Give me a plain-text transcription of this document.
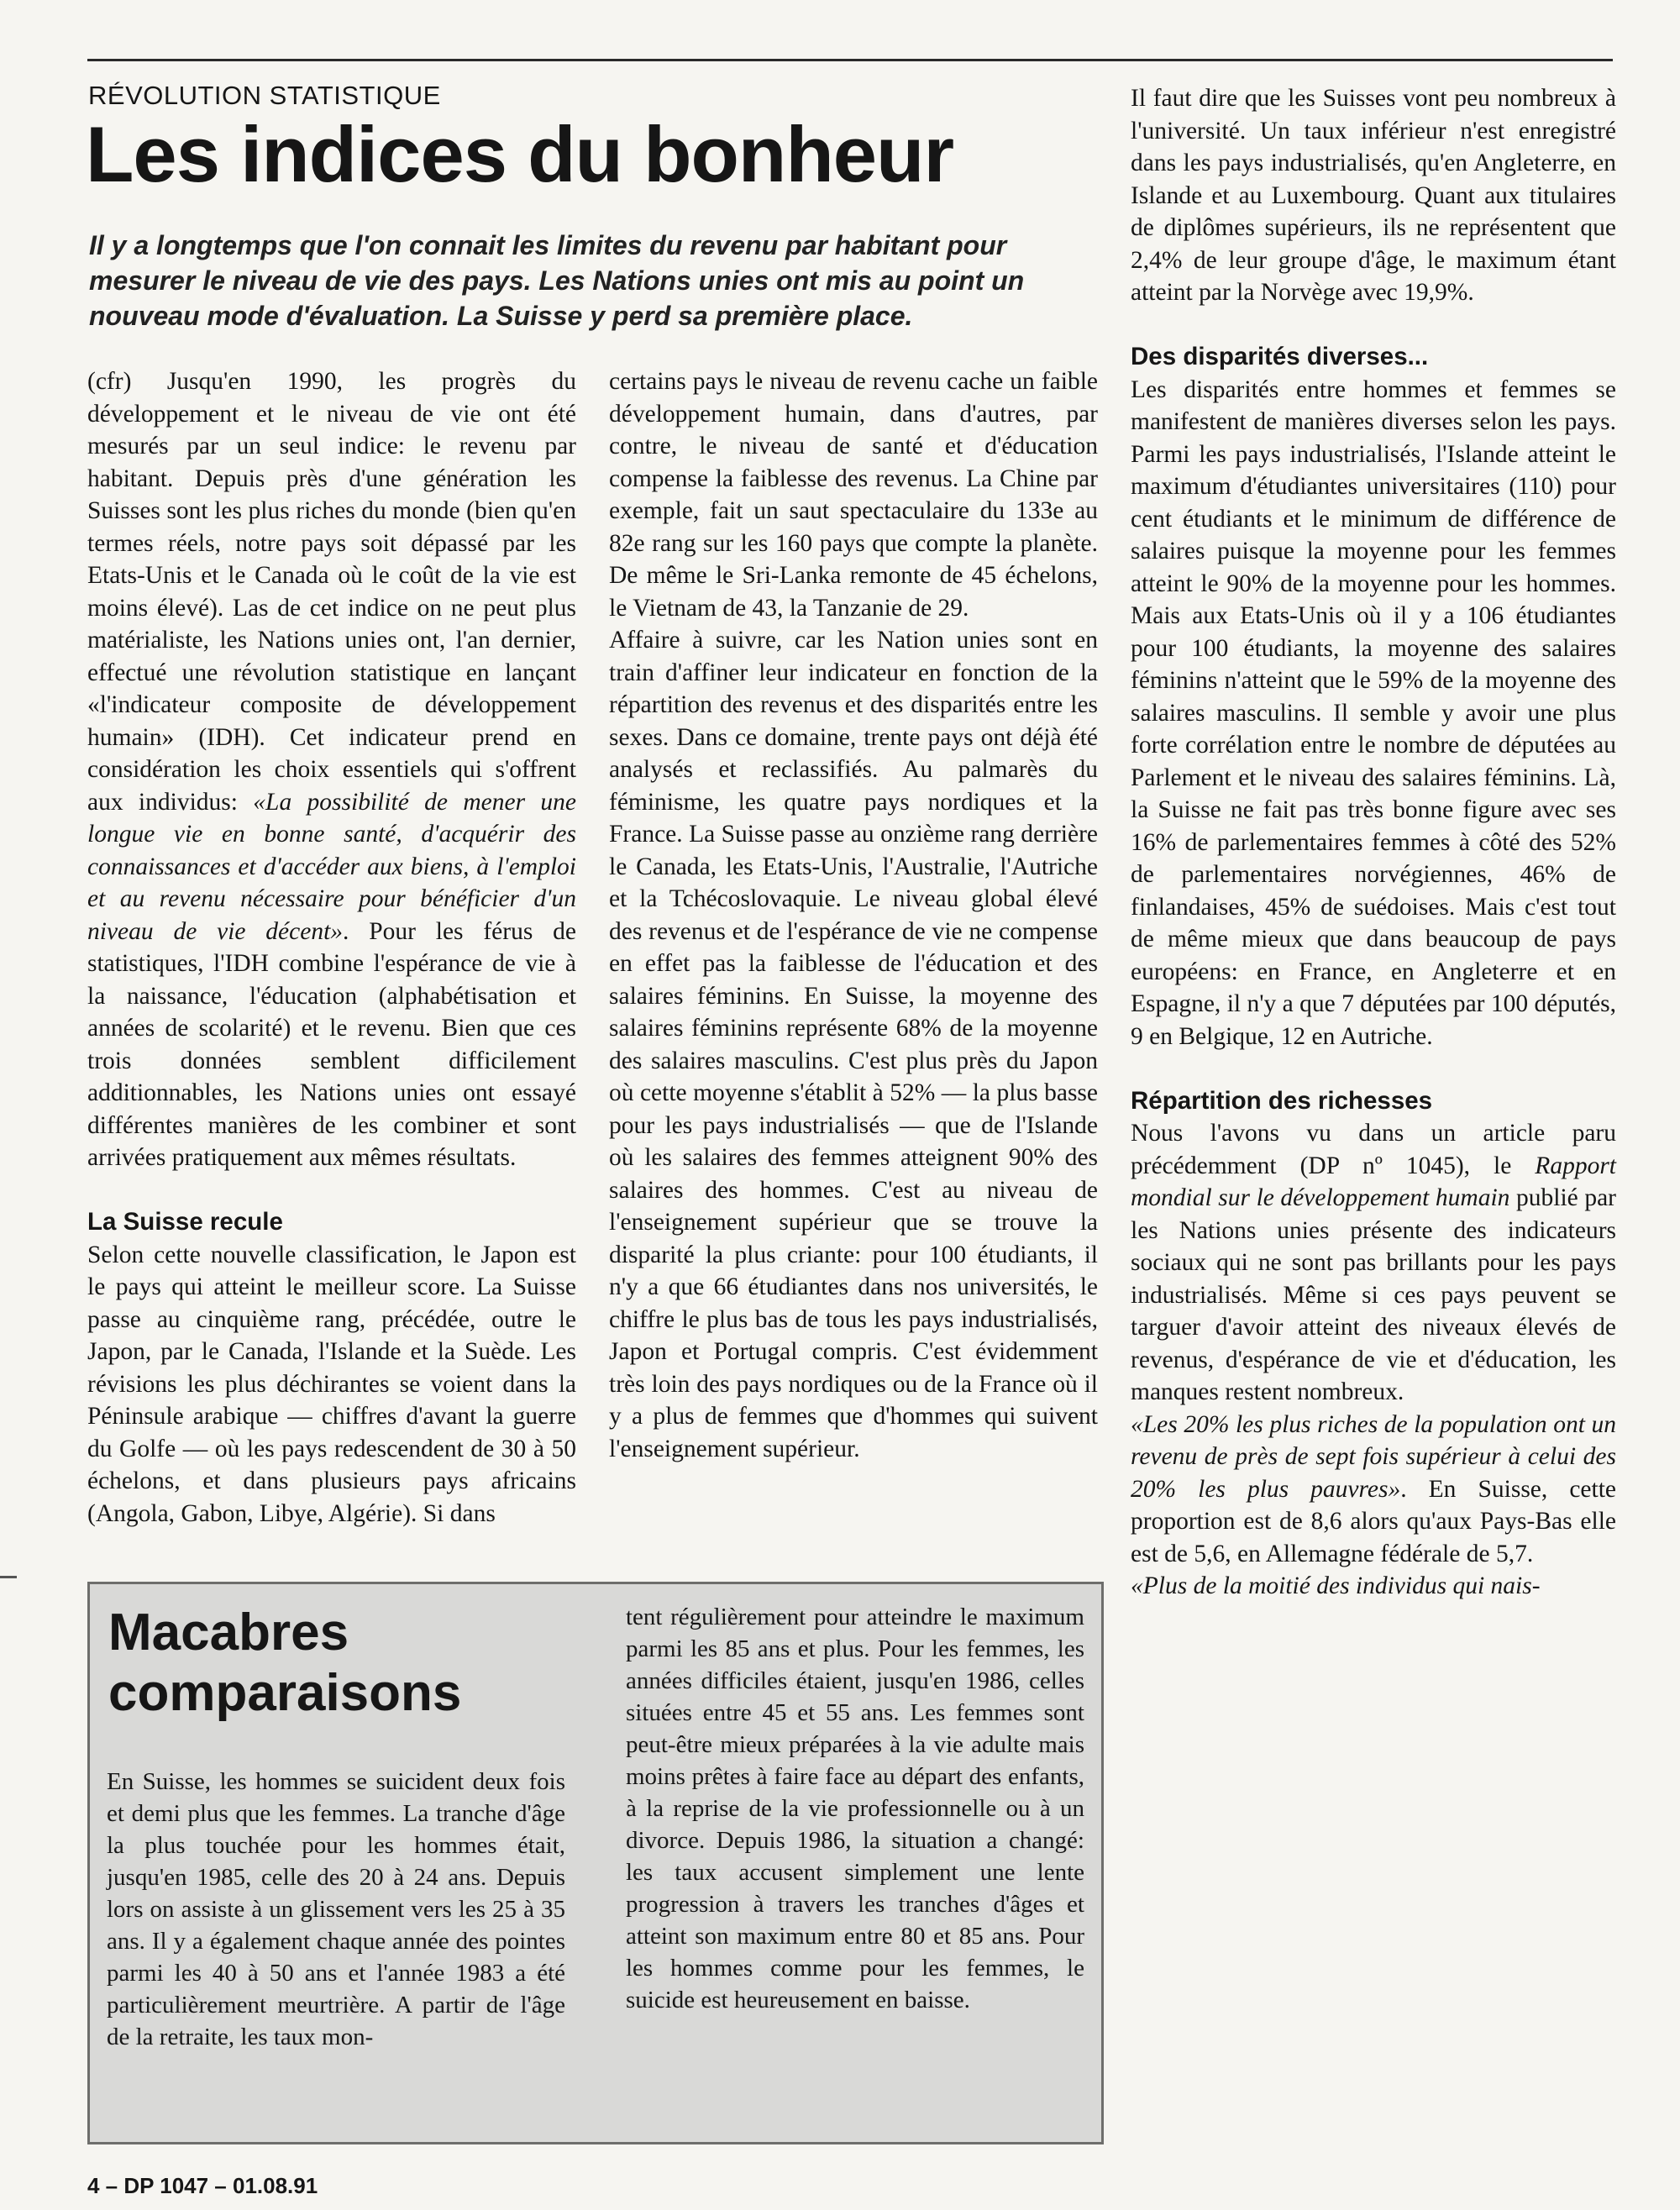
RÉVOLUTION STATISTIQUE
Les indices du bonheur
Il y a longtemps que l'on connait les limites du revenu par habitant pour mesurer le niveau de vie des pays. Les Nations unies ont mis au point un nouveau mode d'évaluation. La Suisse y perd sa première place.

(cfr) Jusqu'en 1990, les progrès du développement et le niveau de vie ont été mesurés par un seul indice: le revenu par habitant. Depuis près d'une génération les Suisses sont les plus riches du monde (bien qu'en termes réels, notre pays soit dépassé par les Etats-Unis et le Canada où le coût de la vie est moins élevé). Las de cet indice on ne peut plus matérialiste, les Nations unies ont, l'an dernier, effectué une révolution statistique en lançant «l'indicateur composite de développement humain» (IDH). Cet indicateur prend en considération les choix essentiels qui s'offrent aux individus: «La possibilité de mener une longue vie en bonne santé, d'acquérir des connaissances et d'accéder aux biens, à l'emploi et au revenu nécessaire pour bénéficier d'un niveau de vie décent». Pour les férus de statistiques, l'IDH combine l'espérance de vie à la naissance, l'éducation (alphabétisation et années de scolarité) et le revenu. Bien que ces trois données semblent difficilement additionnables, les Nations unies ont essayé différentes manières de les combiner et sont arrivées pratiquement aux mêmes résultats.

La Suisse recule

Selon cette nouvelle classification, le Japon est le pays qui atteint le meilleur score. La Suisse passe au cinquième rang, précédée, outre le Japon, par le Canada, l'Islande et la Suède. Les révisions les plus déchirantes se voient dans la Péninsule arabique — chiffres d'avant la guerre du Golfe — où les pays redescendent de 30 à 50 échelons, et dans plusieurs pays africains (Angola, Gabon, Libye, Algérie). Si dans

certains pays le niveau de revenu cache un faible développement humain, dans d'autres, par contre, le niveau de santé et d'éducation compense la faiblesse des revenus. La Chine par exemple, fait un saut spectaculaire du 133e au 82e rang sur les 160 pays que compte la planète. De même le Sri-Lanka remonte de 45 échelons, le Vietnam de 43, la Tanzanie de 29.

Affaire à suivre, car les Nation unies sont en train d'affiner leur indicateur en fonction de la répartition des revenus et des disparités entre les sexes. Dans ce domaine, trente pays ont déjà été analysés et reclassifiés. Au palmarès du féminisme, les quatre pays nordiques et la France. La Suisse passe au onzième rang derrière le Canada, les Etats-Unis, l'Australie, l'Autriche et la Tchécoslovaquie. Le niveau global élevé des revenus et de l'espérance de vie ne compense en effet pas la faiblesse de l'éducation et des salaires féminins. En Suisse, la moyenne des salaires féminins représente 68% de la moyenne des salaires masculins. C'est plus près du Japon où cette moyenne s'établit à 52% — la plus basse pour les pays industrialisés — que de l'Islande où les salaires des femmes atteignent 90% des salaires des hommes. C'est au niveau de l'enseignement supérieur que se trouve la disparité la plus criante: pour 100 étudiants, il n'y a que 66 étudiantes dans nos universités, le chiffre le plus bas de tous les pays industrialisés, Japon et Portugal compris. C'est évidemment très loin des pays nordiques ou de la France où il y a plus de femmes que d'hommes qui suivent l'enseignement supérieur.

Il faut dire que les Suisses vont peu nombreux à l'université. Un taux inférieur n'est enregistré dans les pays industrialisés, qu'en Angleterre, en Islande et au Luxembourg. Quant aux titulaires de diplômes supérieurs, ils ne représentent que 2,4% de leur groupe d'âge, le maximum étant atteint par la Norvège avec 19,9%.

Des disparités diverses...

Les disparités entre hommes et femmes se manifestent de manières diverses selon les pays. Parmi les pays industrialisés, l'Islande atteint le maximum d'étudiantes universitaires (110) pour cent étudiants et le minimum de différence de salaires puisque la moyenne pour les femmes atteint le 90% de la moyenne pour les hommes. Mais aux Etats-Unis où il y a 106 étudiantes pour 100 étudiants, la moyenne des salaires féminins n'atteint que le 59% de la moyenne des salaires masculins. Il semble y avoir une plus forte corrélation entre le nombre de députées au Parlement et le niveau des salaires féminins. Là, la Suisse ne fait pas très bonne figure avec ses 16% de parlementaires femmes à côté des 52% de parlementaires norvégiennes, 46% de finlandaises, 45% de suédoises. Mais c'est tout de même mieux que dans beaucoup de pays européens: en France, en Angleterre et en Espagne, il n'y a que 7 députées par 100 députés, 9 en Belgique, 12 en Autriche.

Répartition des richesses

Nous l'avons vu dans un article paru précédemment (DP nº 1045), le Rapport mondial sur le développement humain publié par les Nations unies présente des indicateurs sociaux qui ne sont pas brillants pour les pays industrialisés. Même si ces pays peuvent se targuer d'avoir atteint des niveaux élevés de revenus, d'espérance de vie et d'éducation, les manques restent nombreux.

«Les 20% les plus riches de la population ont un revenu de près de sept fois supérieur à celui des 20% les plus pauvres». En Suisse, cette proportion est de 8,6 alors qu'aux Pays-Bas elle est de 5,6, en Allemagne fédérale de 5,7.

«Plus de la moitié des individus qui nais-

Macabres
comparaisons

En Suisse, les hommes se suicident deux fois et demi plus que les femmes. La tranche d'âge la plus touchée pour les hommes était, jusqu'en 1985, celle des 20 à 24 ans. Depuis lors on assiste à un glissement vers les 25 à 35 ans. Il y a également chaque année des pointes parmi les 40 à 50 ans et l'année 1983 a été particulièrement meurtrière. A partir de l'âge de la retraite, les taux mon-

tent régulièrement pour atteindre le maximum parmi les 85 ans et plus. Pour les femmes, les années difficiles étaient, jusqu'en 1986, celles situées entre 45 et 55 ans. Les femmes sont peut-être mieux préparées à la vie adulte mais moins prêtes à faire face au départ des enfants, à la reprise de la vie professionnelle ou à un divorce. Depuis 1986, la situation a changé: les taux accusent simplement une lente progression à travers les tranches d'âges et atteint son maximum entre 80 et 85 ans. Pour les hommes comme pour les femmes, le suicide est heureusement en baisse.

4 – DP 1047 – 01.08.91
